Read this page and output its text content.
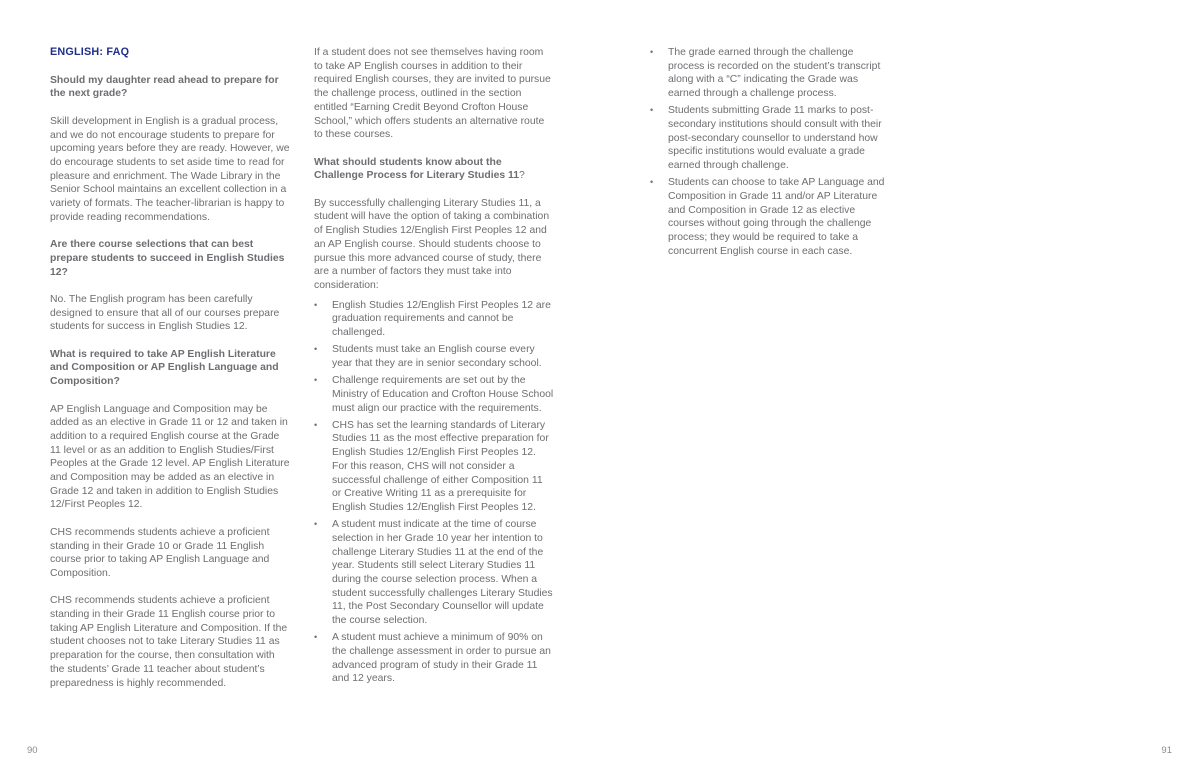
ENGLISH: FAQ
Should my daughter read ahead to prepare for the next grade?
Skill development in English is a gradual process, and we do not encourage students to prepare for upcoming years before they are ready. However, we do encourage students to set aside time to read for pleasure and enrichment. The Wade Library in the Senior School maintains an excellent collection in a variety of formats. The teacher-librarian is happy to provide reading recommendations.
Are there course selections that can best prepare students to succeed in English Studies 12?
No. The English program has been carefully designed to ensure that all of our courses prepare students for success in English Studies 12.
What is required to take AP English Literature and Composition or AP English Language and Composition?
AP English Language and Composition may be added as an elective in Grade 11 or 12 and taken in addition to a required English course at the Grade 11 level or as an addition to English Studies/First Peoples at the Grade 12 level. AP English Literature and Composition may be added as an elective in Grade 12 and taken in addition to English Studies 12/First Peoples 12.
CHS recommends students achieve a proficient standing in their Grade 10 or Grade 11 English course prior to taking AP English Language and Composition.
CHS recommends students achieve a proficient standing in their Grade 11 English course prior to taking AP English Literature and Composition. If the student chooses not to take Literary Studies 11 as preparation for the course, then consultation with the students’ Grade 11 teacher about student’s preparedness is highly recommended.
If a student does not see themselves having room to take AP English courses in addition to their required English courses, they are invited to pursue the challenge process, outlined in the section entitled “Earning Credit Beyond Crofton House School,” which offers students an alternative route to these courses.
What should students know about the Challenge Process for Literary Studies 11?
By successfully challenging Literary Studies 11, a student will have the option of taking a combination of English Studies 12/English First Peoples 12 and an AP English course. Should students choose to pursue this more advanced course of study, there are a number of factors they must take into consideration:
•	English Studies 12/English First Peoples 12 are graduation requirements and cannot be challenged.
•	Students must take an English course every year that they are in senior secondary school.
•	Challenge requirements are set out by the Ministry of Education and Crofton House School must align our practice with the requirements.
•	CHS has set the learning standards of Literary Studies 11 as the most effective preparation for English Studies 12/English First Peoples 12. For this reason, CHS will not consider a successful challenge of either Composition 11 or Creative Writing 11 as a prerequisite for English Studies 12/English First Peoples 12.
•	A student must indicate at the time of course selection in her Grade 10 year her intention to challenge Literary Studies 11 at the end of the year. Students still select Literary Studies 11 during the course selection process. When a student successfully challenges Literary Studies 11, the Post Secondary Counsellor will update the course selection.
•	A student must achieve a minimum of 90% on the challenge assessment in order to pursue an advanced program of study in their Grade 11 and 12 years.
•	The grade earned through the challenge process is recorded on the student’s transcript along with a “C” indicating the Grade was earned through a challenge process.
•	Students submitting Grade 11 marks to post-secondary institutions should consult with their post-secondary counsellor to understand how specific institutions would evaluate a grade earned through challenge.
•	Students can choose to take AP Language and Composition in Grade 11 and/or AP Literature and Composition in Grade 12 as elective courses without going through the challenge process; they would be required to take a concurrent English course in each case.
90	91
